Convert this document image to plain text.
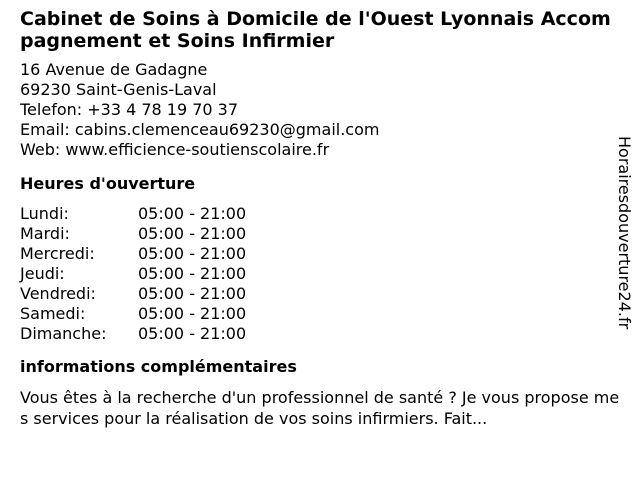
Cabinet de Soins à Domicile de l'Ouest Lyonnais Accompagnement et Soins Infirmier
16 Avenue de Gadagne
69230 Saint-Genis-Laval
Telefon: +33 4 78 19 70 37
Email: cabins.clemenceau69230@gmail.com
Web: www.efficience-soutienscolaire.fr
Heures d'ouverture
Lundi:	05:00 - 21:00
Mardi:	05:00 - 21:00
Mercredi:	05:00 - 21:00
Jeudi:	05:00 - 21:00
Vendredi:	05:00 - 21:00
Samedi:	05:00 - 21:00
Dimanche:	05:00 - 21:00
informations complémentaires

Vous êtes à la recherche d'un professionnel de santé ? Je vous propose mes services pour la réalisation de vos soins infirmiers. Fait...

Horairesdouverture24.fr
